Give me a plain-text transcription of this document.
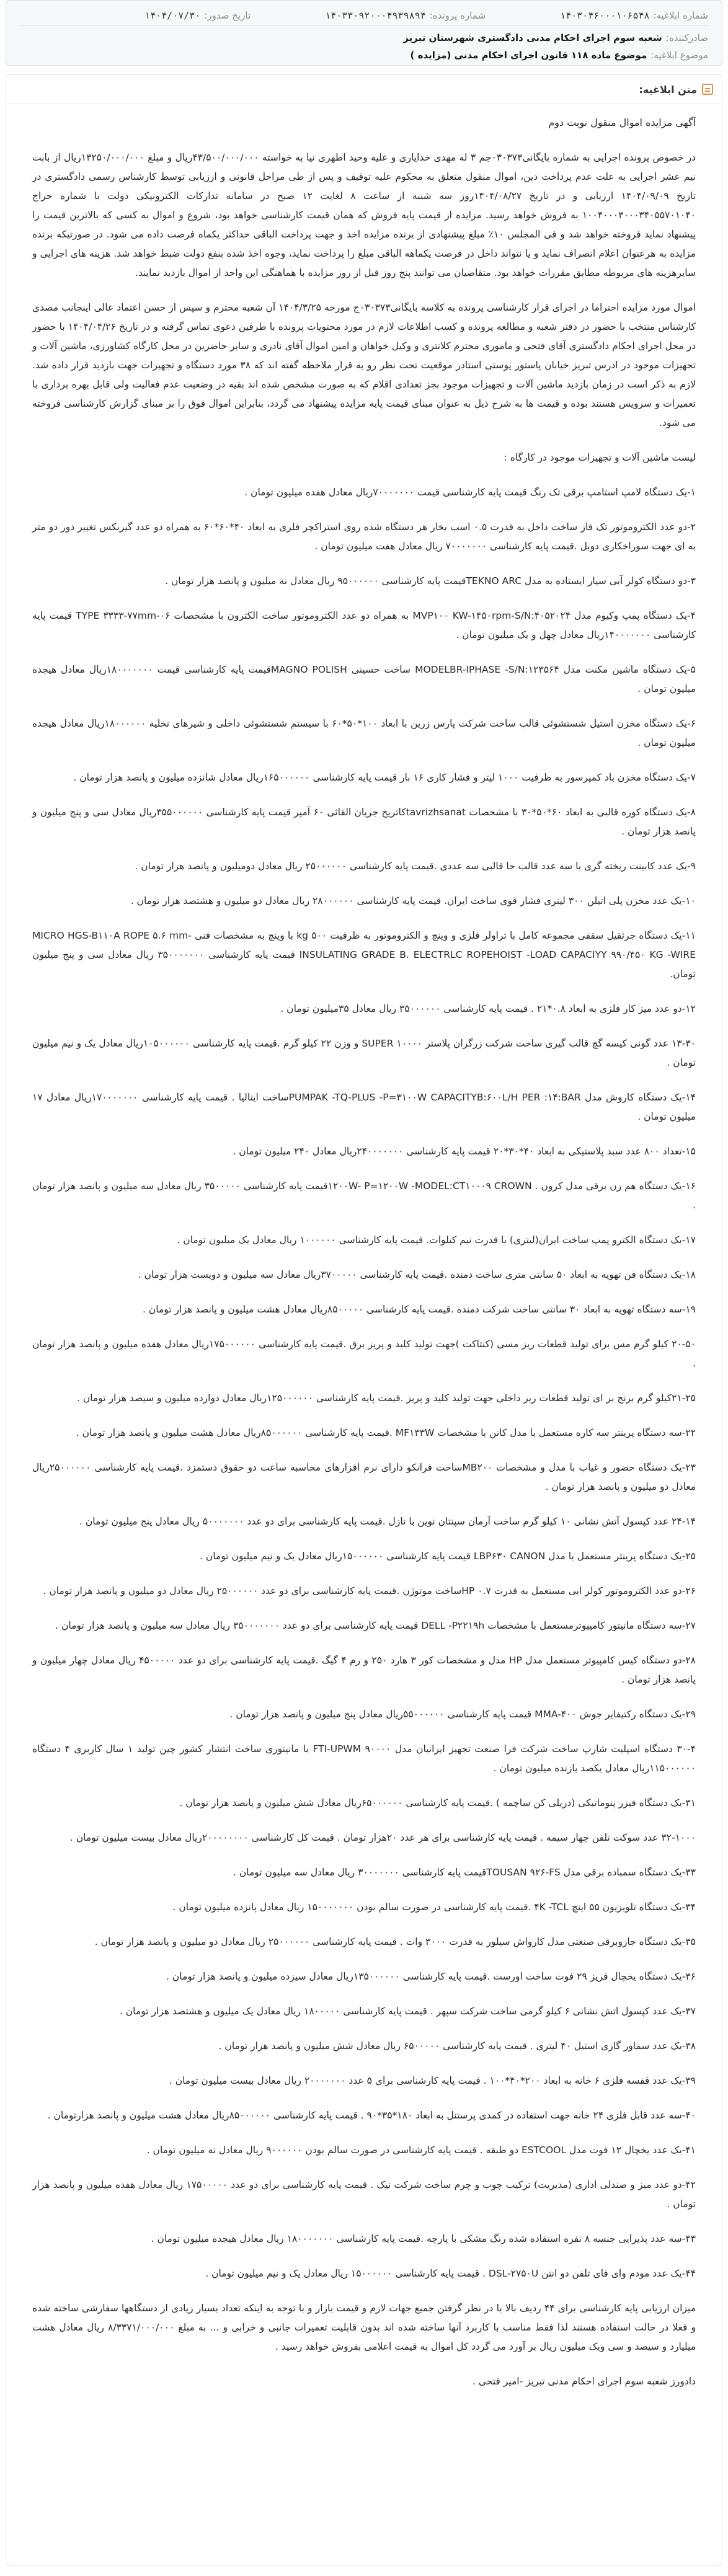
شماره ابلاغیه:
۱۴۰۳۰۴۶۰۰۰۱۰۶۵۴۸
شماره پرونده:
۱۴۰۳۳۰۹۲۰۰۰۴۹۳۹۸۹۴
تاریخ صدور:
۱۴۰۴/۰۷/۳۰
صادرکننده:
شعبه سوم اجرای احکام مدنی دادگستری شهرستان تبریز
موضوع ابلاغیه:
موضوع ماده ۱۱۸ قانون اجرای احکام مدنی (مزایده )
متن ابلاغیه:

آگهی مزایده اموال منقول نوبت دوم

در خصوص پرونده اجرایی به شماره بایگانی۰۳۰۳۷۳جم ۳ له مهدی خدایاری و علیه وحید اطهری نیا به خواسته ۴۳/۵۰۰/۰۰۰/۰۰۰ریال و مبلغ ۱۳۲۵۰/۰۰۰/۰۰۰ریال از بابت نیم عشر اجرایی به علت عدم پرداخت دین، اموال منقول متعلق به محکوم علیه توقیف و پس از طی مراحل قانونی و ارزیابی توسط کارشناس رسمی دادگستری در تاریخ ۱۴۰۴/۰۹/۰۹ ارزیابی و در تاریخ ۱۴۰۴/۰۸/۲۷روز سه شنبه از ساعت ۸ لغایت ۱۲ صبح در سامانه تدارکات الکترونیکی دولت با شماره حراج ۱۰۰۴۰۰۰۳۰۰۰۳۴۰۵۵۷۰۱۰۴۰ به فروش خواهد رسید. مزایده از قیمت پایه فروش که همان قیمت کارشناسی خواهد بود، شروع و اموال به کسی که بالاترین قیمت را پیشنهاد نماید فروخته خواهد شد و فی المجلس ۱۰٪ مبلغ پیشنهادی از برنده مزایده اخذ و جهت پرداخت الباقی حداکثر یکماه فرصت داده می شود. در صورتیکه برنده مزایده به هرعنوان اعلام انصراف نماید و یا نتواند داخل در فرصت یکماهه الباقی مبلغ را پرداخت نماید، وجوه اخذ شده بنفع دولت ضبط خواهد شد. هزینه های اجرایی و سایرهزینه های مربوطه مطابق مقررات خواهد بود. متقاضیان می توانند پنج روز قبل از روز مزایده با هماهنگی این واحد از اموال بازدید نمایند.

اموال مورد مزایده احتراما در اجرای قرار کارشناسی پرونده به کلاسه بایگانی۰۳۰۳۷۳ج مورخه ۱۴۰۴/۳/۲۵ آن شعبه محترم و سپس از حسن اعتماد عالی اینجانب مصدی کارشناس منتخب با حضور در دفتر شعبه و مطالعه پرونده و کسب اطلاعات لازم در مورد محتویات پرونده با طرفین دعوی تماس گرفته و در تاریخ ۱۴۰۴/۰۴/۲۶ با حضور در محل اجرای احکام دادگستری آقای فتحی و ماموری محترم کلانتری و وکیل خواهان و امین اموال آقای نادری و سایر حاضرین در محل کارگاه کشاورزی، ماشین آلات و تجهیزات موجود در ادرس تبریز خیابان پاستور پوستی استادر موقعیت تحت نظر رو به قرار ملاحظه گفته اند که ۳۸ مورد دستگاه و تجهیزات جهت بازدید قرار داده شد. لازم به ذکر است در زمان بازدید ماشین آلات و تجهیزات موجود بجز تعدادی اقلام که به صورت مشخص شده اند بقیه در وضعیت عدم فعالیت ولی قابل بهره برداری با تعمیرات و سرویس هستند بوده و قیمت ها به شرح ذیل به عنوان مبنای قیمت پایه مزایده پیشنهاد می گردد، بنابراین اموال فوق را بر مبنای گزارش کارشناسی فروخته می شود.

لیست ماشین آلات و تجهیزات موجود در کارگاه :

۱-یک دستگاه لامپ استامپ برقی تک رنگ قیمت پایه کارشناسی قیمت ۷۰۰۰۰۰۰۰ریال معادل هفده میلیون تومان .

۲-دو عدد الکتروموتور تک فاز ساخت داخل به قدرت ۰.۵ اسب بخار هر دستگاه شده روی استراکچر فلزی به ابعاد ۴۰*۶۰*۶۰ به همراه دو عدد گیربکس تغییر دور دو متر به ای جهت سوراخکاری دوبل .قیمت پایه کارشناسی ۷۰۰۰۰۰۰۰ ریال معادل هفت میلیون تومان .

۳-دو دستگاه کولر آبی سیار ایستاده به مدل TEKNO ARCقیمت پایه کارشناسی ۹۵۰۰۰۰۰۰ ریال معادل نه میلیون و پانصد هزار تومان .

۴-یک دستگاه پمپ وکیوم مدل MVP۱۰۰ KW-۱۴۵۰rpm-S/N:۴۰۵۲۰۲۴ به همراه دو عدد الکتروموتور ساخت الکترون با مشخصات TYPE ۳۳۳۳-۷۷mm-۰۶ قیمت پایه کارشناسی ۱۴۰۰۰۰۰۰۰ریال معادل چهل و یک میلیون تومان .

۵-یک دستگاه ماشین مکنت مدل MODELBR-IPHASE -S/N:۱۲۳۵۶۴ ساخت حسینی MAGNO POLISHقیمت پایه کارشناسی قیمت ۱۸۰۰۰۰۰۰۰ریال معادل هیجده میلیون تومان .

۶-یک دستگاه مخزن استیل شستشوئی قالب ساخت شرکت پارس زرین با ابعاد ۱۰۰*۵۰*۶۰ با سیستم شستشوئی داخلی و شیرهای تخلیه ۱۸۰۰۰۰۰۰ریال معادل هیجده میلیون تومان .

۷-یک دستگاه مخزن باد کمپرسور به ظرفیت ۱۰۰۰ لیتر و فشار کاری ۱۶ بار قیمت پایه کارشناسی ۱۶۵۰۰۰۰۰۰ریال معادل شانزده میلیون و پانصد هزار تومان .

۸-یک دستگاه کوره قالبی به ابعاد ۶۰*۵۰*۳۰ با مشخصات tavrizhsanatکاتریخ جریان القائی ۶۰ آمپر قیمت پایه کارشناسی ۳۵۵۰۰۰۰۰۰ریال معادل سی و پنج میلیون و پانصد هزار تومان .

۹-یک عدد کابینت ریخته گری با سه عدد قالب جا قالبی سه عددی .قیمت پایه کارشناسی ۲۵۰۰۰۰۰۰ ریال معادل دومیلیون و پانصد هزار تومان .

۱۰-یک عدد مخزن پلی اتیلن ۳۰۰ لیتری فشار قوی ساخت ایران. قیمت پایه کارشناسی ۲۸۰۰۰۰۰۰ ریال معادل دو میلیون و هشتصد هزار تومان .

۱۱-یک دستگاه جرثقیل سقفی مجموعه کامل با تراولر فلزی و وینچ و الکتروموتور به ظرفیت ۵۰۰ kg با وینچ به مشخصات فنی MICRO HGS-B۱۱۰A ROPE ۵.۶ mm-INSULATING GRADE B. ELECTRLC ROPEHOIST -LOAD CAPACIYY ۹۹۰/۴۵۰ KG -WIRE قیمت پایه کارشناسی ۳۵۰۰۰۰۰۰۰ ریال معادل سی و پنج میلیون تومان.

۱۲-دو عدد میز کار فلزی به ابعاد ۰.۸*۲۱ . قیمت پایه کارشناسی ۳۵۰۰۰۰۰۰ ریال معادل ۳۵میلیون تومان .

۱۳-۳۰ عدد گونی کیسه گچ قالب گیری ساخت شرکت زرگران پلاستر ۱۰۰۰۰ SUPER و وزن ۲۲ کیلو گرم .قیمت پایه کارشناسی ۱۰۵۰۰۰۰۰۰ریال معادل یک و نیم میلیون تومان .

۱۴-یک دستگاه کاروش مدل PUMPAK -TQ-PLUS -P=۳۱۰۰W CAPACITYB:۶۰۰L/H PER :۱۴:BARساخت ایتالیا . قیمت پایه کارشناسی ۱۷۰۰۰۰۰۰۰ریال معادل ۱۷ میلیون تومان .

۱۵-تعداد ۸۰۰ عدد سبد پلاستیکی به ابعاد ۴۰*۳۰*۲۰ قیمت پایه کارشناسی ۲۴۰۰۰۰۰۰۰ریال معادل ۲۴۰ میلیون تومان .

۱۶-یک دستگاه هم زن برقی مدل کرون . ۱۲۰۰W- P=۱۲۰۰W -MODEL:CT۱۰۰۰۹ CROWNقیمت پایه کارشناسی ۳۵۰۰۰۰۰ ریال معادل سه میلیون و پانصد هزار تومان .

۱۷-یک دستگاه الکترو پمپ ساخت ایران(لیتری) با قدرت نیم کیلوات. قیمت پایه کارشناسی ۱۰۰۰۰۰۰ ریال معادل یک میلیون تومان .

۱۸-یک دستگاه فن تهویه به ابعاد ۵۰ سانتی متری ساخت دمنده .قیمت پایه کارشناسی ۳۷۰۰۰۰۰ریال معادل سه میلیون و دویست هزار تومان .

۱۹-سه دستگاه تهویه به ابعاد ۳۰ سانتی ساخت شرکت دمنده .قیمت پایه کارشناسی ۸۵۰۰۰۰۰ریال معادل هشت میلیون و پانصد هزار تومان .

۲۰-۵۰ کیلو گرم مس برای تولید قطعات ریز مسی (کنتاکت )جهت تولید کلید و پریز برق .قیمت پایه کارشناسی ۱۷۵۰۰۰۰۰۰ریال معادل هفده میلیون و پانصد هزار تومان .

۲۱-۲۵کیلو گرم برنج بر ای تولید قطعات ریز داخلی جهت تولید کلید و پریز .قیمت پایه کارشناسی ۱۲۵۰۰۰۰۰۰ریال معادل دوازده میلیون و سیصد هزار تومان .

۲۲-سه دستگاه پرینتر سه کاره مستعمل با مدل کانن با مشخصات MF۱۳۳W .قیمت پایه کارشناسی ۸۵۰۰۰۰۰۰ریال معادل هشت میلیون و پانصد هزار تومان .

۲۳-یک دستگاه حضور و غیاب با مدل و مشخصات MB۲۰۰ساخت فرانکو دارای نرم افزارهای محاسبه ساعت دو حقوق دستمزد .قیمت پایه کارشناسی ۲۵۰۰۰۰۰۰ریال معادل دو میلیون و پانصد هزار تومان .

۲۴-۱۴ عدد کپسول آتش نشانی ۱۰ کیلو گرم ساخت آرمان سپنتان نوین با نازل .قیمت پایه کارشناسی برای دو عدد ۵۰۰۰۰۰۰۰ ریال معادل پنج میلیون تومان .

۲۵-یک دستگاه پرینتر مستعمل با مدل LBP۶۳۰ CANON قیمت پایه کارشناسی ۱۵۰۰۰۰۰۰ریال معادل یک و نیم میلیون تومان .

۲۶-دو عدد الکتروموتور کولر ابی مستعمل به قدرت ۰.۷ HPساخت موتوژن .قیمت پایه کارشناسی برای دو عدد ۲۵۰۰۰۰۰۰ ریال معادل دو میلیون و پانصد هزار تومان .

۲۷-سه دستگاه مانیتور کامپیوترمستعمل با مشخصات DELL -P۲۲۱۹h قیمت پایه کارشناسی برای دو عدد ۳۵۰۰۰۰۰۰۰ ریال معادل سه میلیون و پانصد هزار تومان .

۲۸-دو دستگاه کیس کامپیوتر مستعمل مدل HP مدل و مشخصات کور ۳ هارد ۲۵۰ و رم ۴ گیگ .قیمت پایه کارشناسی برای دو عدد ۴۵۰۰۰۰۰ ریال معادل چهار میلیون و پانصد هزار تومان .

۲۹-یک دستگاه رکتیفایر جوش MMA-۴۰۰ قیمت پایه کارشناسی ۵۵۰۰۰۰۰۰ریال معادل پنج میلیون و پانصد هزار تومان .

۳۰-۴ دستگاه اسپلیت شارپ ساخت شرکت فرا صنعت تجهیز ایرانیان مدل FTI-UPWM ۹۰۰۰۰ با مانیتوری ساخت انتشار کشور چین تولید ۱ سال کاربری ۴ دستگاه ۱۱۵۰۰۰۰۰۰ریال معادل یکصد بازنده میلیون تومان .

۳۱-یک دستگاه فیزر پنوماتیکی (دریلی کن ساچمه ) .قیمت پایه کارشناسی ۶۵۰۰۰۰۰۰ریال معادل شش میلیون و پانصد هزار تومان .

۳۲-۱۰۰۰ عدد سوکت تلفن چهار سیمه . قیمت پایه کارشناسی برای هر عدد ۲۰هزار تومان . قیمت کل کارشناسی ۲۰۰۰۰۰۰۰۰ریال معادل بیست میلیون تومان .

۳۳-یک دستگاه سمباده برقی مدل TOUSAN ۹۲۶-FSقیمت پایه کارشناسی ۳۰۰۰۰۰۰۰ ریال معادل سه میلیون تومان .

۳۴-یک دستگاه تلویزیون ۵۵ اینچ ۴K -TCL .قیمت پایه کارشناسی در صورت سالم بودن ۱۵۰۰۰۰۰۰۰ ریال معادل پانزده میلیون تومان .

۳۵-یک دستگاه جاروبرقی صنعتی مدل کارواش سیلور به قدرت ۳۰۰۰ وات . قیمت پایه کارشناسی ۲۵۰۰۰۰۰۰ ریال معادل دو میلیون و پانصد هزار تومان .

۳۶-یک دستگاه یخچال فریز ۲۹ فوت ساخت اورست .قیمت پایه کارشناسی ۱۳۵۰۰۰۰۰۰ریال معادل سیزده میلیون و پانصد هزار تومان .

۳۷-یک عدد کپسول اتش نشانی ۶ کیلو گرمی ساخت شرکت سپهر . قیمت پایه کارشناسی ۱۸۰۰۰۰۰ ریال معادل یک میلیون و هشتصد هزار تومان .

۳۸-یک عدد سماور گازی استیل ۴۰ لیتری . قیمت پایه کارشناسی ۶۵۰۰۰۰۰ ریال معادل شش میلیون و پانصد هزار تومان .

۳۹-یک عدد قفسه فلزی ۶ خانه به ابعاد ۲۰۰*۴۰*۱۰۰ . قیمت پایه کارشناسی برای ۵ عدد ۲۰۰۰۰۰۰۰ ریال معادل بیست میلیون تومان .

۴۰-سه عدد قابل فلزی ۲۴ خانه جهت استفاده در کمدی پرستنل به ابعاد ۱۸۰*۳۵*۹۰ . قیمت پایه کارشناسی ۸۵۰۰۰۰۰۰ریال معادل هشت میلیون و پانصد هزارتومان .

۴۱-یک عدد یخچال ۱۲ فوت مدل ESTCOOL دو طبقه . قیمت پایه کارشناسی در صورت سالم بودن ۹۰۰۰۰۰۰ ریال معادل نه میلیون تومان .

۴۲-دو عدد میز و صندلی اداری (مدیریت) ترکیب چوب و چرم ساخت شرکت نیک . قیمت پایه کارشناسی برای دو عدد ۱۷۵۰۰۰۰۰ ریال معادل هفده میلیون و پانصد هزار تومان .

۴۳-سه عدد پذیرایی جنسه ۸ نفره استفاده شده رنگ مشکی با پارچه .قیمت پایه کارشناسی ۱۸۰۰۰۰۰۰۰ ریال معادل هیجده میلیون تومان .

۴۴-یک عدد مودم وای فای تلفن دو انتن DSL-۲۷۵۰U . قیمت پایه کارشناسی ۱۵۰۰۰۰۰۰ ریال معادل یک و نیم میلیون تومان .

میزان ارزیابی پایه کارشناسی برای ۴۴ ردیف بالا با در نظر گرفتن جمیع جهات لازم و قیمت بازار و با توجه به اینکه تعداد بسیار زیادی از دستگاهها سفارشی ساخته شده و فعلا در حالت استفاده هستند لذا فقط مناسب با کاربرد آنها ساخته شده اند بدون قابلیت تعمیرات جانبی و خرابی و ... به مبلغ ۸/۳۳۷۱/۰۰۰/۰۰۰ ریال معادل هشت میلیارد و سیصد و سی ویک میلیون ریال بر آورد می گردد کل اموال به قیمت اعلامی بفروش خواهد رسید .

دادورز شعبه سوم اجرای احکام مدنی تبریز -امیر فتحی .
